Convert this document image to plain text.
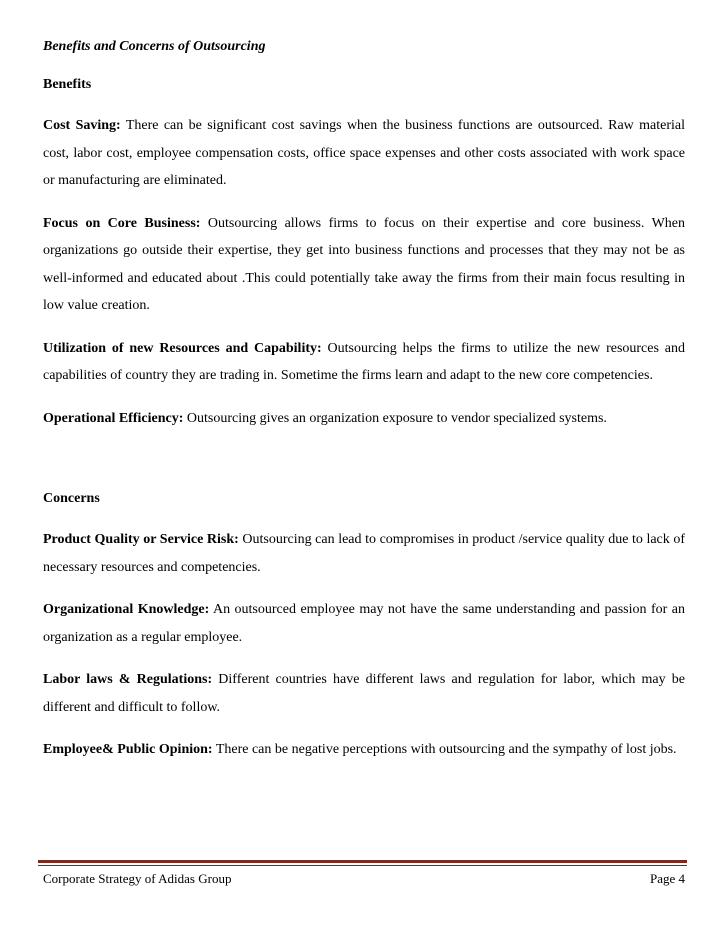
Benefits and Concerns of Outsourcing

Benefits

Cost Saving: There can be significant cost savings when the business functions are outsourced. Raw material cost, labor cost, employee compensation costs, office space expenses and other costs associated with work space or manufacturing are eliminated.

Focus on Core Business: Outsourcing allows firms to focus on their expertise and core business. When organizations go outside their expertise, they get into business functions and processes that they may not be as well-informed and educated about .This could potentially take away the firms from their main focus resulting in low value creation.

Utilization of new Resources and Capability: Outsourcing helps the firms to utilize the new resources and capabilities of country they are trading in. Sometime the firms learn and adapt to the new core competencies.

Operational Efficiency: Outsourcing gives an organization exposure to vendor specialized systems.

Concerns

Product Quality or Service Risk: Outsourcing can lead to compromises in product /service quality due to lack of necessary resources and competencies.

Organizational Knowledge: An outsourced employee may not have the same understanding and passion for an organization as a regular employee.

Labor laws & Regulations: Different countries have different laws and regulation for labor, which may be different and difficult to follow.

Employee& Public Opinion: There can be negative perceptions with outsourcing and the sympathy of lost jobs.

Corporate Strategy of Adidas Group	Page 4
